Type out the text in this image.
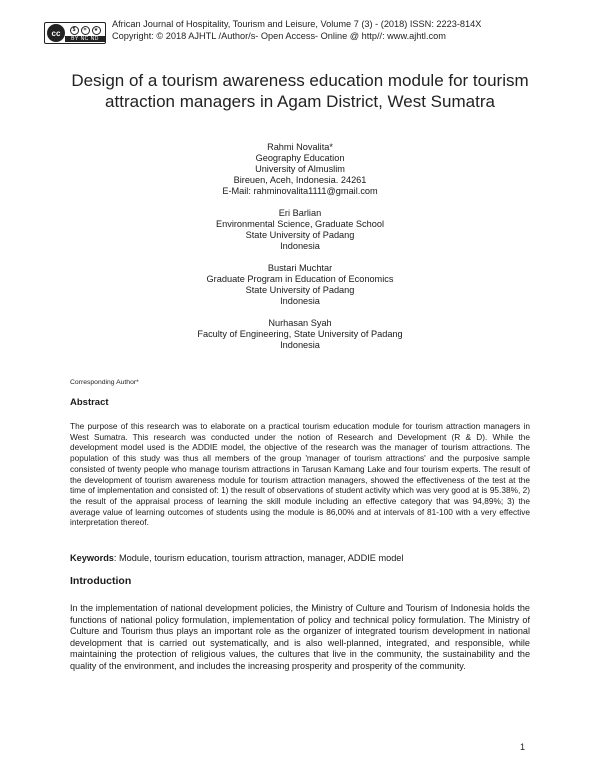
cc	$	=	★
BY NC ND
African Journal of Hospitality, Tourism and Leisure, Volume 7 (3) - (2018) ISSN: 2223-814X
Copyright: © 2018 AJHTL /Author/s- Open Access- Online @ http//: www.ajhtl.com
Design of a tourism awareness education module for tourism attraction managers in Agam District, West Sumatra
Rahmi Novalita*
Geography Education
University of Almuslim
Bireuen, Aceh, Indonesia. 24261
E-Mail: rahminovalita1111@gmail.com
Eri Barlian
Environmental Science, Graduate School
State University of Padang
Indonesia
Bustari Muchtar
Graduate Program in Education of Economics
State University of Padang
Indonesia
Nurhasan Syah
Faculty of Engineering, State University of Padang
Indonesia
Corresponding Author*
Abstract
The purpose of this research was to elaborate on a practical tourism education module for tourism attraction managers in West Sumatra. This research was conducted under the notion of Research and Development (R & D). While the development model used is the ADDIE model, the objective of the research was the manager of tourism attractions. The population of this study was thus all members of the group 'manager of tourism attractions' and the purposive sample consisted of twenty people who manage tourism attractions in Tarusan Kamang Lake and four tourism experts. The result of the development of tourism awareness module for tourism attraction managers, showed the effectiveness of the test at the time of implementation and consisted of: 1) the result of observations of student activity which was very good at is 95.38%, 2) the result of the appraisal process of learning the skill module including an effective category that was 94,89%; 3) the average value of learning outcomes of students using the module is 86,00% and at intervals of 81-100 with a very effective interpretation thereof.
Keywords: Module, tourism education, tourism attraction, manager, ADDIE model
Introduction
In the implementation of national development policies, the Ministry of Culture and Tourism of Indonesia holds the functions of national policy formulation, implementation of policy and technical policy formulation. The Ministry of Culture and Tourism thus plays an important role as the organizer of integrated tourism development in national development that is carried out systematically, and is also well-planned, integrated, and responsible, while maintaining the protection of religious values, the cultures that live in the community, the sustainability and the quality of the environment, and includes the increasing prosperity and prosperity of the community.
1
